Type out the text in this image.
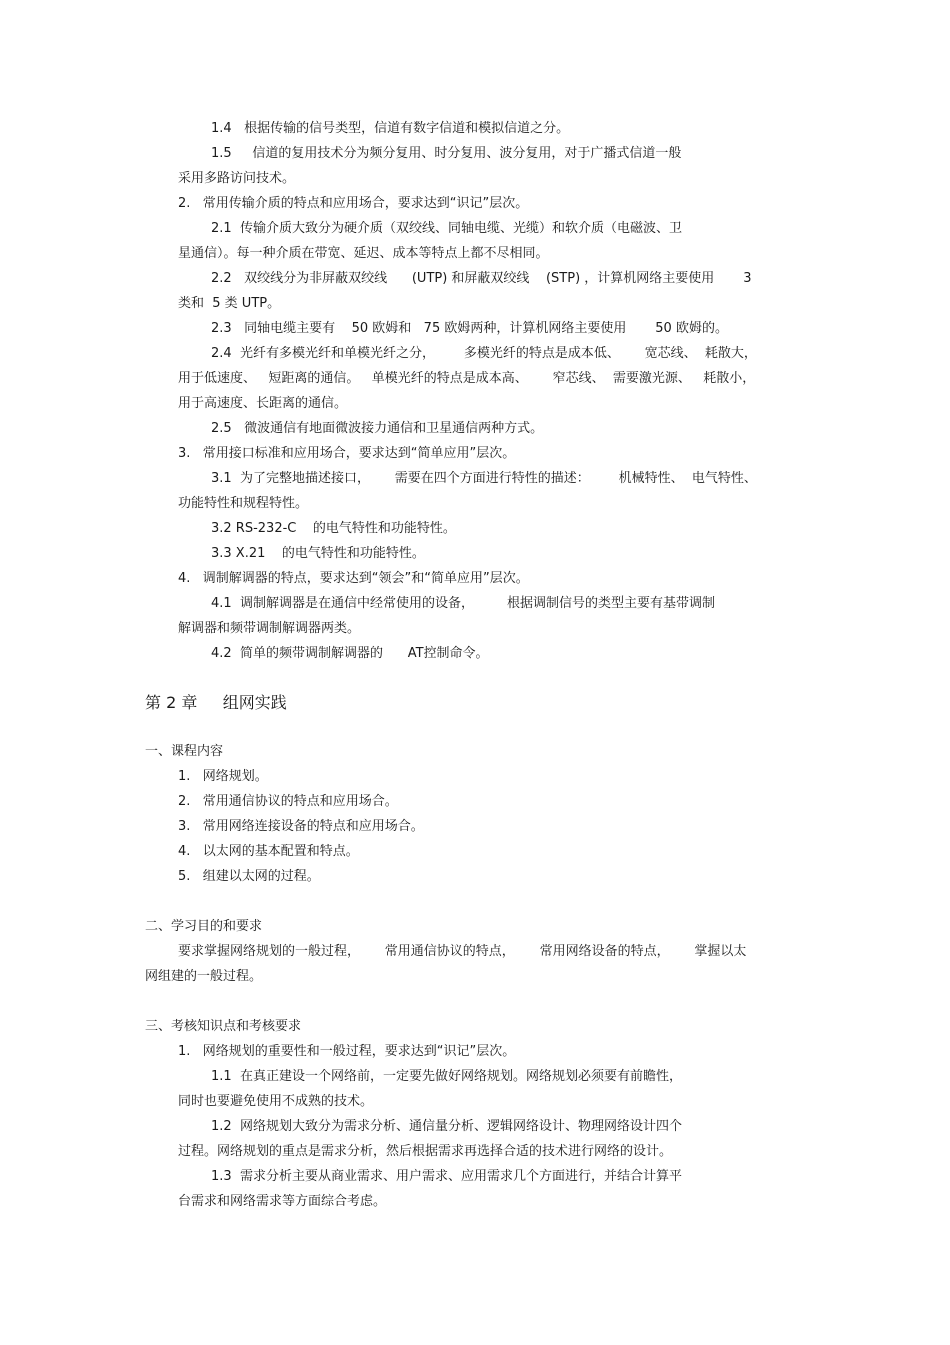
1.4   根据传输的信号类型，信道有数字信道和模拟信道之分。
1.5     信道的复用技术分为频分复用、时分复用、波分复用，对于广播式信道一般
采用多路访问技术。
2.   常用传输介质的特点和应用场合，要求达到“识记”层次。
2.1  传输介质大致分为硬介质（双绞线、同轴电缆、光缆）和软介质（电磁波、卫
星通信）。每一种介质在带宽、延迟、成本等特点上都不尽相同。
2.2   双绞线分为非屏蔽双绞线      (UTP) 和屏蔽双绞线    (STP) ，计算机网络主要使用       3
类和  5 类 UTP。
2.3   同轴电缆主要有    50 欧姆和   75 欧姆两种，计算机网络主要使用       50 欧姆的。
2.4  光纤有多模光纤和单模光纤之分，       多模光纤的特点是成本低、      宽芯线、  耗散大，
用于低速度、   短距离的通信。   单模光纤的特点是成本高、      窄芯线、  需要激光源、   耗散小，
用于高速度、长距离的通信。
2.5   微波通信有地面微波接力通信和卫星通信两种方式。
3.   常用接口标准和应用场合，要求达到“简单应用”层次。
3.1  为了完整地描述接口，      需要在四个方面进行特性的描述：       机械特性、  电气特性、
功能特性和规程特性。
3.2 RS-232-C    的电气特性和功能特性。
3.3 X.21    的电气特性和功能特性。
4.   调制解调器的特点，要求达到“领会”和“简单应用”层次。
4.1  调制解调器是在通信中经常使用的设备，        根据调制信号的类型主要有基带调制
解调器和频带调制解调器两类。
4.2  简单的频带调制解调器的      AT控制命令。
第 2 章     组网实践
一、课程内容
1.   网络规划。
2.   常用通信协议的特点和应用场合。
3.   常用网络连接设备的特点和应用场合。
4.   以太网的基本配置和特点。
5.   组建以太网的过程。
二、学习目的和要求
要求掌握网络规划的一般过程，      常用通信协议的特点，      常用网络设备的特点，      掌握以太
网组建的一般过程。
三、考核知识点和考核要求
1.   网络规划的重要性和一般过程，要求达到“识记”层次。
1.1  在真正建设一个网络前，一定要先做好网络规划。网络规划必须要有前瞻性，
同时也要避免使用不成熟的技术。
1.2  网络规划大致分为需求分析、通信量分析、逻辑网络设计、物理网络设计四个
过程。网络规划的重点是需求分析，然后根据需求再选择合适的技术进行网络的设计。
1.3  需求分析主要从商业需求、用户需求、应用需求几个方面进行，并结合计算平
台需求和网络需求等方面综合考虑。
